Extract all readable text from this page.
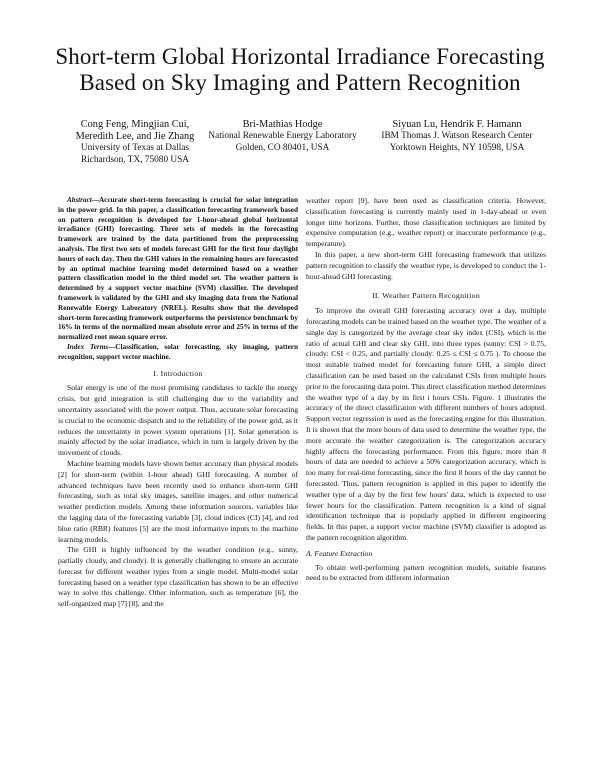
Short-term Global Horizontal Irradiance Forecasting
Based on Sky Imaging and Pattern Recognition
Cong Feng, Mingjian Cui,
Meredith Lee, and Jie Zhang
University of Texas at Dallas
Richardson, TX, 75080 USA
Bri-Mathias Hodge
National Renewable Energy Laboratory
Golden, CO 80401, USA
Siyuan Lu, Hendrik F. Hamann
IBM Thomas J. Watson Research Center
Yorktown Heights, NY 10598, USA

Abstract—Accurate short-term forecasting is crucial for solar integration in the power grid. In this paper, a classification forecasting framework based on pattern recognition is developed for 1-hour-ahead global horizontal irradiance (GHI) forecasting. Three sets of models in the forecasting framework are trained by the data partitioned from the preprocessing analysis. The first two sets of models forecast GHI for the first four daylight hours of each day. Then the GHI values in the remaining hours are forecasted by an optimal machine learning model determined based on a weather pattern classification model in the third model set. The weather pattern is determined by a support vector machine (SVM) classifier. The developed framework is validated by the GHI and sky imaging data from the National Renewable Energy Laboratory (NREL). Results show that the developed short-term forecasting framework outperforms the persistence benchmark by 16% in terms of the normalized mean absolute error and 25% in terms of the normalized root mean square error.

Index Terms—Classification, solar forecasting, sky imaging, pattern recognition, support vector machine.

I. Introduction

Solar energy is one of the most promising candidates to tackle the energy crisis, but grid integration is still challenging due to the variability and uncertainty associated with the power output. Thus, accurate solar forecasting is crucial to the economic dispatch and to the reliability of the power grid, as it reduces the uncertainty in power system operations [1]. Solar generation is mainly affected by the solar irradiance, which in turn is largely driven by the movement of clouds.

Machine learning models have shown better accuracy than physical models [2] for short-term (within 1-hour ahead) GHI forecasting. A number of advanced techniques have been recently used to enhance short-term GHI forecasting, such as total sky images, satellite images, and other numerical weather prediction models. Among these information sources, variables like the lagging data of the forecasting variable [3], cloud indices (CI) [4], and red blue ratio (RBR) features [5] are the most informative inputs to the machine learning models.

The GHI is highly influenced by the weather condition (e.g., sunny, partially cloudy, and cloudy). It is generally challenging to ensure an accurate forecast for different weather types from a single model. Multi-model solar forecasting based on a weather type classification has shown to be an effective way to solve this challenge. Other information, such as temperature [6], the self-organized map [7] [8], and the

weather report [9], have been used as classification criteria. However, classification forecasting is currently mainly used in 1-day-ahead or even longer time horizons. Further, those classification techniques are limited by expensive computation (e.g., weather report) or inaccurate performance (e.g., temperature).

In this paper, a new short-term GHI forecasting framework that utilizes pattern recognition to classify the weather type, is developed to conduct the 1-hour-ahead GHI forecasting.

II. Weather Pattern Recognition

To improve the overall GHI forecasting accuracy over a day, multiple forecasting models can be trained based on the weather type. The weather of a single day is categorized by the average clear sky index (CSI), which is the ratio of actual GHI and clear sky GHI, into three types (sunny: CSI > 0.75, cloudy: CSI < 0.25, and partially cloudy: 0.25 ≤ CSI ≤ 0.75 ). To choose the most suitable trained model for forecasting future GHI, a simple direct classification can be used based on the calculated CSIs from multiple hours prior to the forecasting data point. This direct classification method determines the weather type of a day by its first i hours CSIs. Figure. 1 illustrates the accuracy of the direct classification with different numbers of hours adopted. Support vector regression is used as the forecasting engine for this illustration. It is shown that the more hours of data used to determine the weather type, the more accurate the weather categorization is. The categorization accuracy highly affects the forecasting performance. From this figure, more than 8 hours of data are needed to achieve a 50% categorization accuracy, which is too many for real-time forecasting, since the first 8 hours of the day cannot be forecasted. Thus, pattern recognition is applied in this paper to identify the weather type of a day by the first few hours' data, which is expected to use fewer hours for the classification. Pattern recognition is a kind of signal identification technique that is popularly applied in different engineering fields. In this paper, a support vector machine (SVM) classifier is adopted as the pattern recognition algorithm.

A. Feature Extraction

To obtain well-performing pattern recognition models, suitable features need to be extracted from different information
